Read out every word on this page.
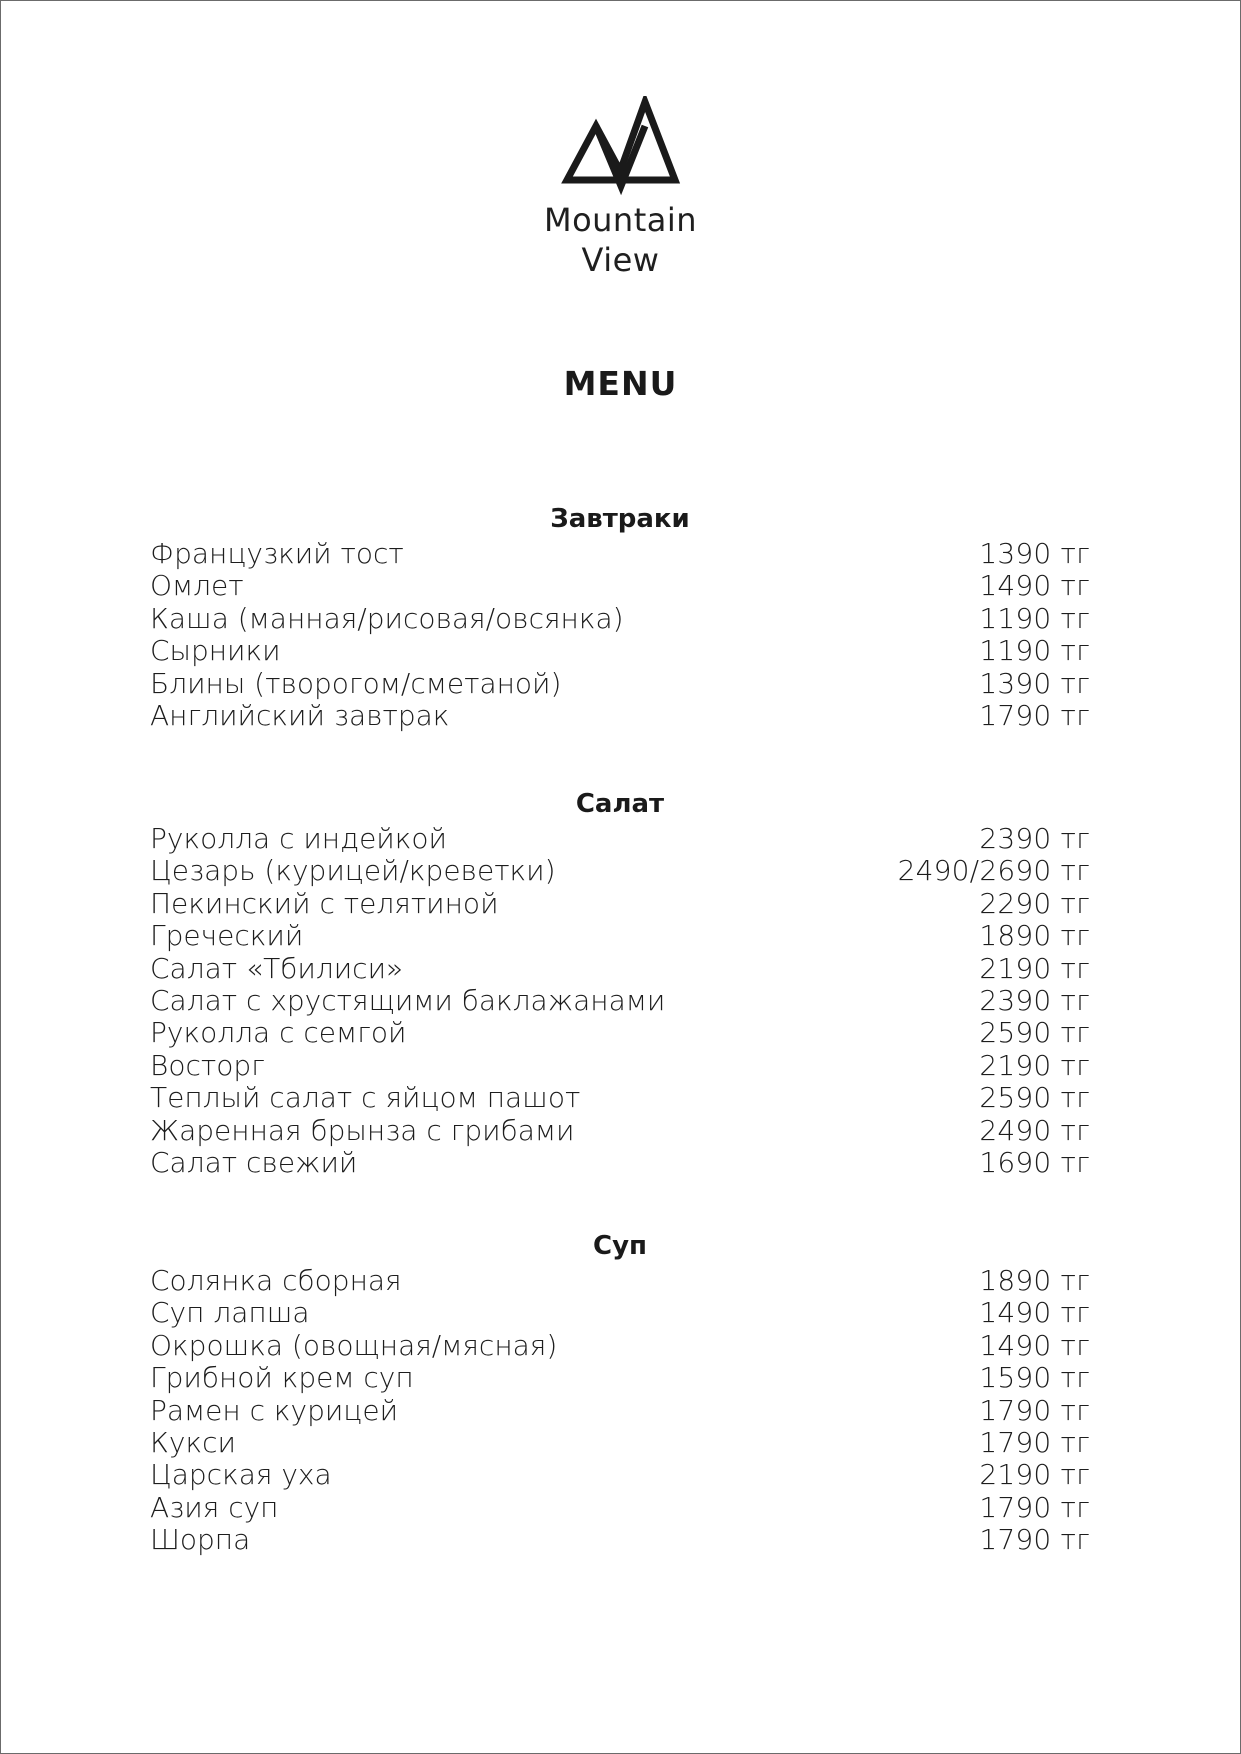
Mountain
View
MENU
Завтраки
Французкий тост	1390 тг
Омлет	1490 тг
Каша (манная/рисовая/овсянка)	1190 тг
Сырники	1190 тг
Блины (творогом/сметаной)	1390 тг
Английский завтрак	1790 тг
Салат
Руколла с индейкой	2390 тг
Цезарь (курицей/креветки)	2490/2690 тг
Пекинский с телятиной	2290 тг
Греческий	1890 тг
Салат «Тбилиси»	2190 тг
Салат с хрустящими баклажанами	2390 тг
Руколла с семгой	2590 тг
Восторг	2190 тг
Теплый салат с яйцом пашот	2590 тг
Жаренная брынза с грибами	2490 тг
Салат свежий	1690 тг
Суп
Солянка сборная	1890 тг
Суп лапша	1490 тг
Окрошка (овощная/мясная)	1490 тг
Грибной крем суп	1590 тг
Рамен с курицей	1790 тг
Кукси	1790 тг
Царская уха	2190 тг
Азия суп	1790 тг
Шорпа	1790 тг
